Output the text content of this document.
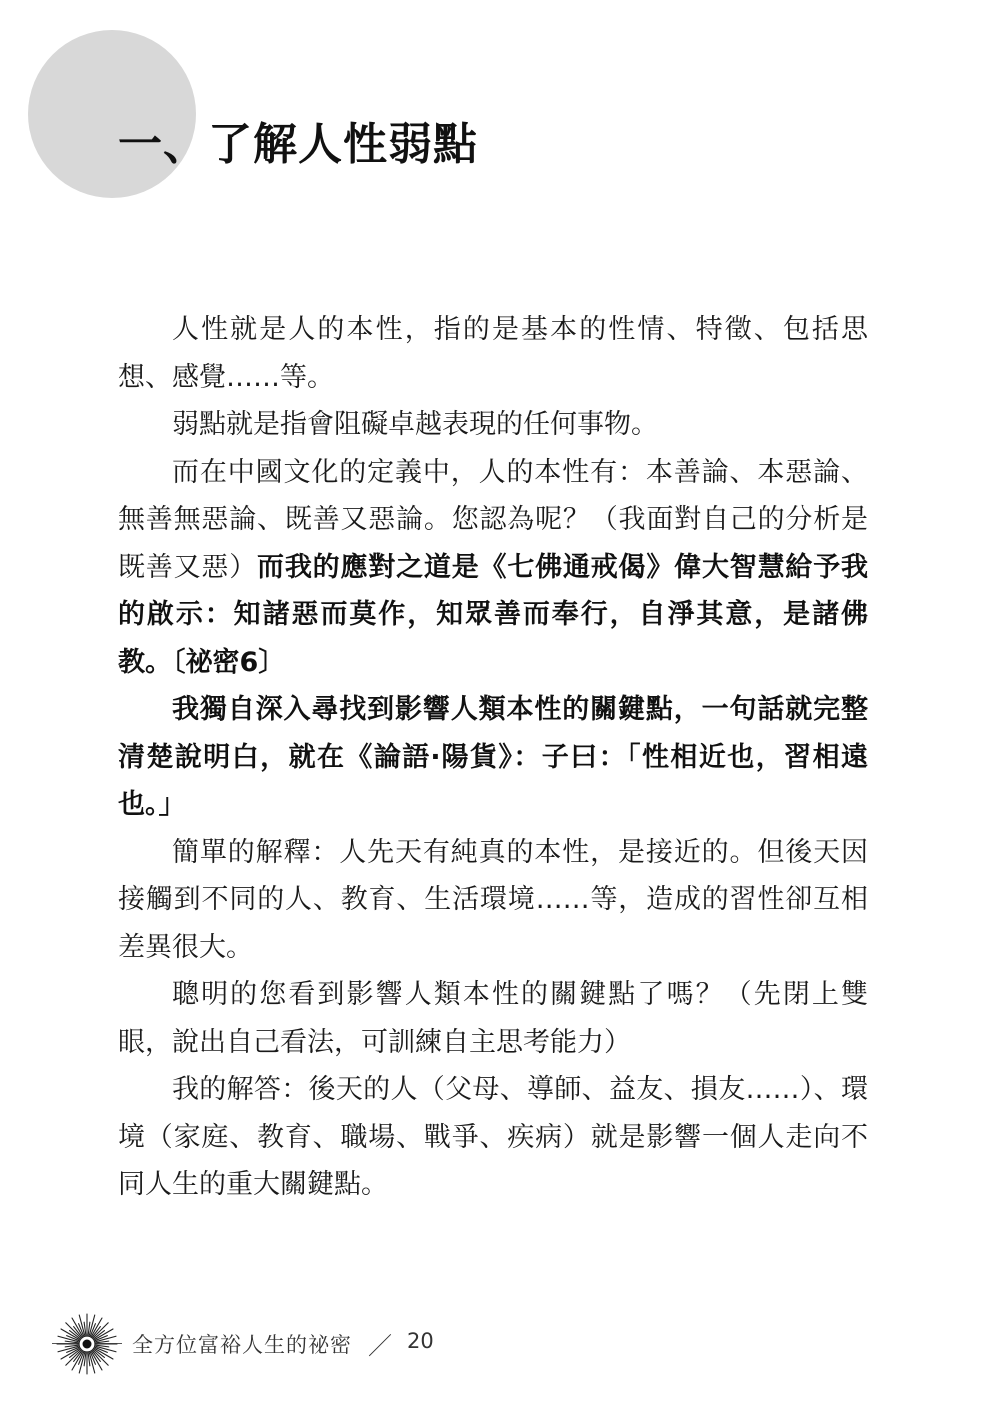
一、了解人性弱點

人性就是人的本性，指的是基本的性情、特徵、包括思想、感覺……等。

弱點就是指會阻礙卓越表現的任何事物。

而在中國文化的定義中，人的本性有：本善論、本惡論、無善無惡論、既善又惡論。您認為呢？（我面對自己的分析是既善又惡）而我的應對之道是《七佛通戒偈》偉大智慧給予我的啟示：知諸惡而莫作，知眾善而奉行，自淨其意，是諸佛教。〔祕密6〕

我獨自深入尋找到影響人類本性的關鍵點，一句話就完整清楚說明白，就在《論語‧陽貨》：子曰：「性相近也，習相遠也。」

簡單的解釋：人先天有純真的本性，是接近的。但後天因接觸到不同的人、教育、生活環境……等，造成的習性卻互相差異很大。

聰明的您看到影響人類本性的關鍵點了嗎？（先閉上雙眼，說出自己看法，可訓練自主思考能力）

我的解答：後天的人（父母、導師、益友、損友……）、環境（家庭、教育、職場、戰爭、疾病）就是影響一個人走向不同人生的重大關鍵點。

全方位富裕人生的祕密 ／ 20
